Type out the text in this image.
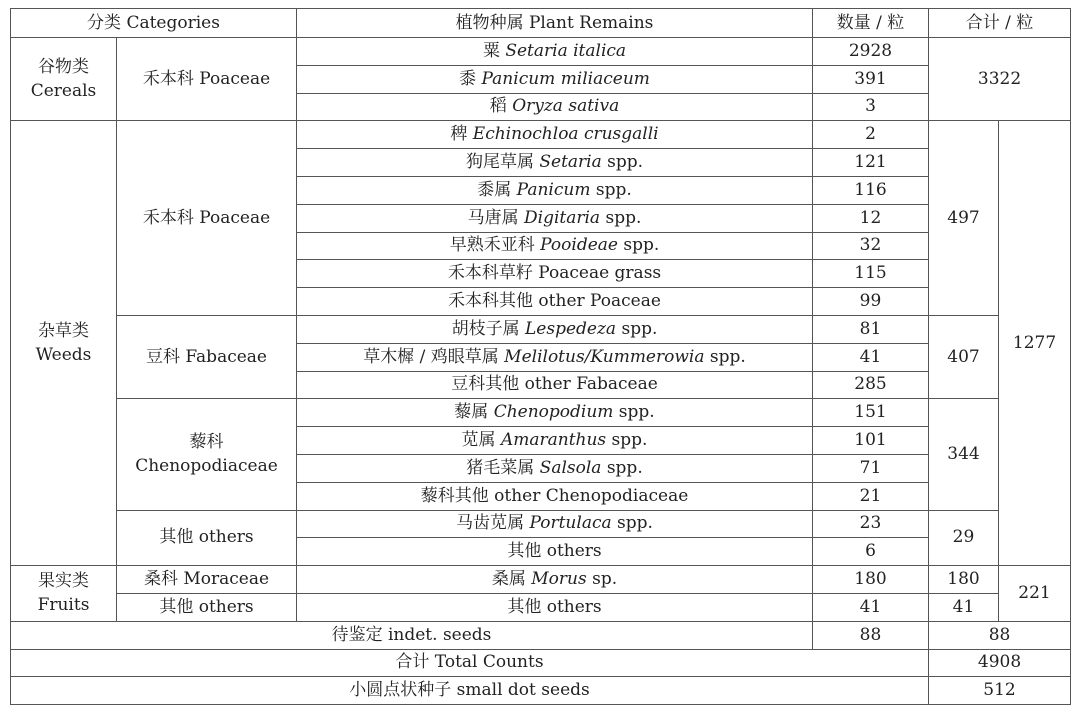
分类 Categories		植物种属 Plant Remains	数量 / 粒	合计 / 粒	
谷物类
Cereals	禾本科 Poaceae	粟 Setaria italica	2928	3322	
		黍 Panicum miliaceum	391		
		稻 Oryza sativa	3		
杂草类
Weeds	禾本科 Poaceae	稗 Echinochloa crusgalli	2	497	1277
		狗尾草属 Setaria spp.	121		
		黍属 Panicum spp.	116		
		马唐属 Digitaria spp.	12		
		早熟禾亚科 Pooideae spp.	32		
		禾本科草籽 Poaceae grass	115		
		禾本科其他 other Poaceae	99		
	豆科 Fabaceae	胡枝子属 Lespedeza spp.	81	407	
		草木樨 / 鸡眼草属 Melilotus/Kummerowia spp.	41		
		豆科其他 other Fabaceae	285		
	藜科
Chenopodiaceae	藜属 Chenopodium spp.	151	344	
		苋属 Amaranthus spp.	101		
		猪毛菜属 Salsola spp.	71		
		藜科其他 other Chenopodiaceae	21		
	其他 others	马齿苋属 Portulaca spp.	23	29	
		其他 others	6		
果实类
Fruits	桑科 Moraceae	桑属 Morus sp.	180	180	221
	其他 others	其他 others	41	41	
待鉴定 indet. seeds			88	88	
合计 Total Counts				4908	
小圆点状种子 small dot seeds				512	
